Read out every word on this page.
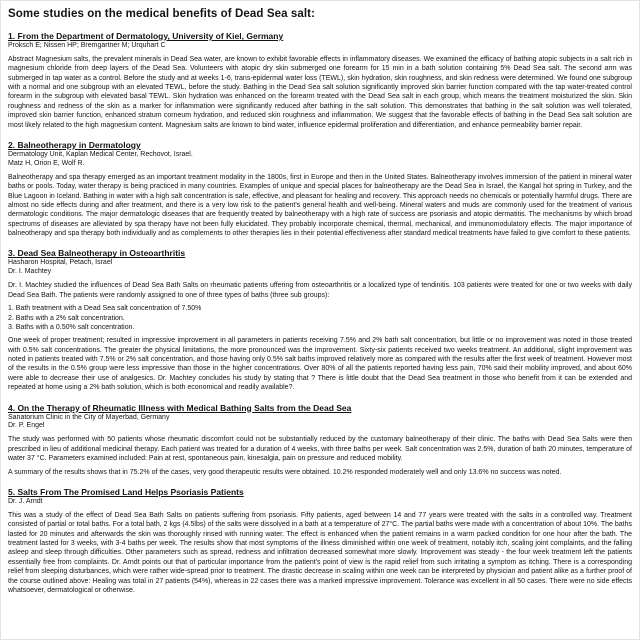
Some studies on the medical benefits of Dead Sea salt:
1. From the Department of Dermatology, University of Kiel, Germany
Proksch E; Nissen HP; Bremgartner M; Urquhart C

Abstract Magnesium salts, the prevalent minerals in Dead Sea water, are known to exhibit favorable effects in inflammatory diseases. We examined the efficacy of bathing atopic subjects in a salt rich in magnesium chloride from deep layers of the Dead Sea. Volunteers with atopic dry skin submerged one forearm for 15 min in a bath solution containing 5% Dead Sea salt. The second arm was submerged in tap water as a control. Before the study and at weeks 1-6, trans-epidermal water loss (TEWL), skin hydration, skin roughness, and skin redness were determined. We found one subgroup with a normal and one subgroup with an elevated TEWL, before the study. Bathing in the Dead Sea salt solution significantly improved skin barrier function compared with the tap water-treated control forearm in the subgroup with elevated basal TEWL. Skin hydration was enhanced on the forearm treated with the Dead Sea salt in each group, which means the treatment moisturized the skin. Skin roughness and redness of the skin as a marker for inflammation were significantly reduced after bathing in the salt solution. This demonstrates that bathing in the salt solution was well tolerated, improved skin barrier function, enhanced stratum corneum hydration, and reduced skin roughness and inflammation. We suggest that the favorable effects of bathing in the Dead Sea salt solution are most likely related to the high magnesium content. Magnesium salts are known to bind water, influence epidermal proliferation and differentiation, and enhance permeability barrier repair.

2. Balneotherapy in Dermatology
Dermatology Unit, Kaplan Medical Center, Rechovot, Israel.
Matz H, Orion E, Wolf R.

Balneotherapy and spa therapy emerged as an important treatment modality in the 1800s, first in Europe and then in the United States. Balneotherapy involves immersion of the patient in mineral water baths or pools. Today, water therapy is being practiced in many countries. Examples of unique and special places for balneotherapy are the Dead Sea in Israel, the Kangal hot spring in Turkey, and the Blue Lagoon in Iceland. Bathing in water with a high salt concentration is safe, effective, and pleasant for healing and recovery. This approach needs no chemicals or potentially harmful drugs. There are almost no side effects during and after treatment, and there is a very low risk to the patient's general health and well-being. Mineral waters and muds are commonly used for the treatment of various dermatologic conditions. The major dermatologic diseases that are frequently treated by balneotherapy with a high rate of success are psoriasis and atopic dermatitis. The mechanisms by which broad spectrums of diseases are alleviated by spa therapy have not been fully elucidated. They probably incorporate chemical, thermal, mechanical, and immunomodulatory effects. The major importance of balneotherapy and spa therapy both individually and as complements to other therapies lies in their potential effectiveness after standard medical treatments have failed to give comfort to these patients.

3. Dead Sea Balneotherapy in Osteoarthritis
Hasharon Hospital, Petach, Israel
Dr. I. Machtey

Dr. I. Machtey studied the influences of Dead Sea Bath Salts on rheumatic patients uffering from osteoarthritis or a localized type of tendinitis. 103 patients were treated for one or two weeks with daily Dead Sea Bath. The patients were randomly assigned to one of three types of baths (three sub groups):

1. Bath treatment with a Dead Sea salt concentration of 7.50%
2. Baths with a 2% salt concentration.
3. Baths with a 0.50% salt concentration.

One week of proper treatment; resulted in impressive improvement in all parameters in patients receiving 7.5% and 2% bath salt concentration, but little or no improvement was noted in those treated with 0.5% salt concentrations. The greater the physical limitations, the more pronounced was the improvement. Sixty-six patients received two weeks treatment. An additional, slight improvement was noted in patients treated with 7.5% or 2% salt concentration, and those having only 0.5% salt baths improved relatively more as compared with the results after the first week of treatment. However most of the results in the 0.5% group were less impressive than those in the higher concentrations. Over 80% of all the patients reported having less pain, 70% said their mobility improved, and about 60% were able to decrease their use of analgesics. Dr. Machtey concludes his study by stating that ? There is little doubt that the Dead Sea treatment in those who benefit from it can be extended and repeated at home using a 2% bath solution, which is both economical and readily available?.

4. On the Therapy of Rheumatic Illness with Medical Bathing Salts from the Dead Sea
Sanatorium Clinic in the City of Mayerbad, Germany
Dr. P. Engel

The study was performed with 50 patients whose rheumatic discomfort could not be substantially reduced by the customary balneotherapy of their clinic. The baths with Dead Sea Salts were then prescribed in lieu of additional medicinal therapy. Each patient was treated for a duration of 4 weeks, with three baths per week. Salt concentration was 2.5%, duration of bath 20 minutes, temperature of water 37 °C. Parameters examined included: Pain at rest, spontaneous pain, kinesalgia, pain on pressure and reduced mobility.

A summary of the results shows that in 75.2% of the cases, very good therapeutic results were obtained. 10.2% responded moderately well and only 13.6% no success was noted.

5. Salts From The Promised Land Helps Psoriasis Patients
Dr. J. Arndt

This was a study of the effect of Dead Sea Bath Salts on patients suffering from psoriasis. Fifty patients, aged between 14 and 77 years were treated with the salts in a controlled way. Treatment consisted of partial or total baths. For a total bath, 2 kgs (4.5lbs) of the salts were dissolved in a bath at a temperature of 27°C. The partial baths were made with a concentration of about 10%. The baths lasted for 20 minutes and afterwards the skin was thoroughly rinsed with running water. The effect is enhanced when the patient remains in a warm packed condition for one hour after the bath. The treatment lasted for 3 weeks, with 3-4 baths per week. The results show that most symptoms of the illness diminished within one week of treatment, notably itch, scaling joint complaints, and the falling asleep and sleep through difficulties. Other parameters such as spread, redness and infiltration decreased somewhat more slowly. Improvement was steady - the four week treatment left the patients essentially free from complaints. Dr. Arndt points out that of particular importance from the patient's point of view is the rapid relief from such irritating a symptom as itching. There is a corresponding relief from sleeping disturbances, which were rather wide-spread prior to treatment. The drastic decrease in scaling within one week can be interpreted by physician and patient alike as a further proof of the course outlined above: Healing was total in 27 patients (54%), whereas in 22 cases there was a marked impressive improvement. Tolerance was excellent in all 50 cases. There were no side effects whatsoever, dermatological or otherwise.
